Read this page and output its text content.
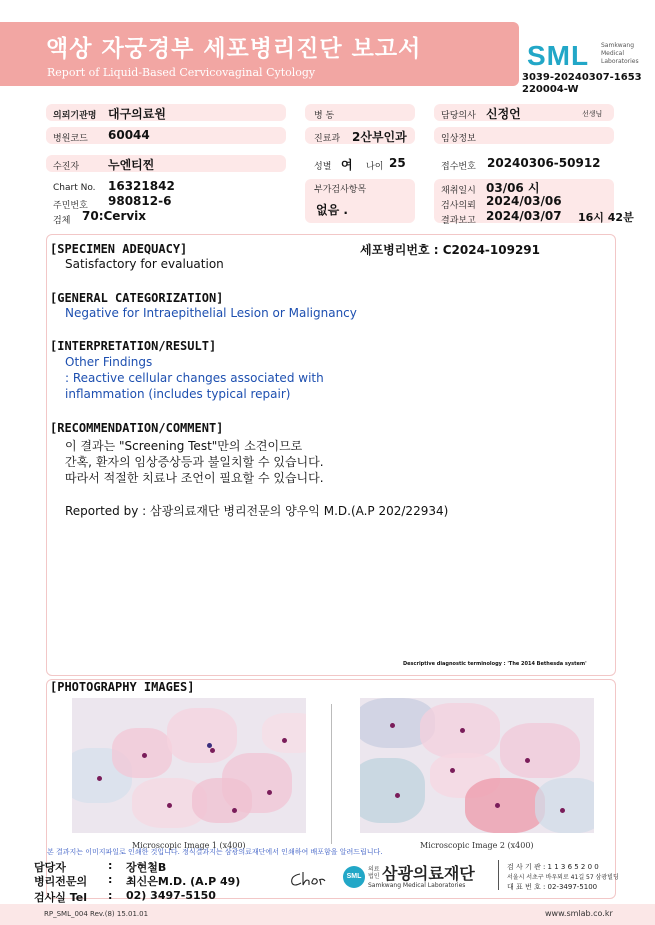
액상 자궁경부 세포병리진단 보고서
Report of Liquid-Based Cervicovaginal Cytology
SML Samkwang Medical Laboratories
3039-20240307-1653
220004-W
의뢰기관명 대구의료원	병 동	담당의사 신정언	선생님
병원코드 60044	진료과 2산부인과	임상정보
수진자 누엔티찐	성별 여 나이 25	접수번호 20240306-50912
Chart No. 16321842
주민번호 980812-6
검체 70:Cervix
부가검사항목
없음 .
채취일시 03/06 시
검사의뢰 2024/03/06
결과보고 2024/03/07 16시 42분
세포병리번호 : C2024-109291
[SPECIMEN ADEQUACY]
Satisfactory for evaluation
[GENERAL CATEGORIZATION]
Negative for Intraepithelial Lesion or Malignancy
[INTERPRETATION/RESULT]
Other Findings
: Reactive cellular changes associated with
inflammation (includes typical repair)
[RECOMMENDATION/COMMENT]
이 결과는 "Screening Test"만의 소견이므로
간혹, 환자의 임상증상등과 불일치할 수 있습니다.
따라서 적절한 치료나 조언이 필요할 수 있습니다.
Reported by : 삼광의료재단 병리전문의 양우익 M.D.(A.P 202/22934)
Descriptive diagnostic terminology : 'The 2014 Bethesda system'
[PHOTOGRAPHY IMAGES]
Microscopic Image 1 (x400)	Microscopic Image 2 (x400)
본 결과지는 이미지파일로 인쇄한 것입니다. 정식결과지는 삼광의료재단에서 인쇄하여 배포함을 알려드립니다.
담당자	: 장현철B
병리전문의 : 최신은M.D. (A.P 49)
검사실 Tel : 02) 3497-5150
SML
의료 법인 삼광의료재단
Samkwang Medical Laboratories
검 사 기 관 : 1 1 3 6 5 2 0 0
서울시 서초구 바우뫼로 41길 57 삼광빌딩
대 표 번 호 : 02-3497-5100
RP_SML_004 Rev.(8) 15.01.01	www.smlab.co.kr
